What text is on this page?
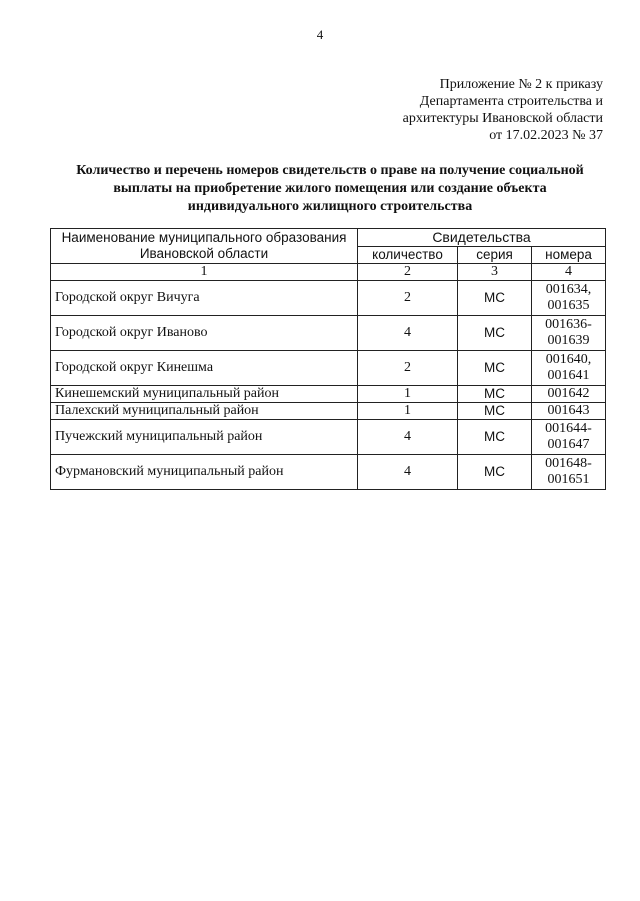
4
Приложение № 2 к приказу
Департамента строительства и
архитектуры Ивановской области
от 17.02.2023 № 37
Количество и перечень номеров свидетельств о праве на получение социальной
выплаты на приобретение жилого помещения или создание объекта
индивидуального жилищного строительства
Наименование муниципального образования
Ивановской области	Свидетельства		
	количество	серия	номера
1	2	3	4
Городской округ Вичуга	2	МС	001634,
001635

Городской округ Иваново	4	МС	001636-
001639

Городской округ Кинешма	2	МС	001640,
001641

Кинешемский муниципальный район	1	МС	001642
Палехский муниципальный район	1	МС	001643
Пучежский муниципальный район	4	МС	001644-
001647

Фурмановский муниципальный район	4	МС	001648-
001651
